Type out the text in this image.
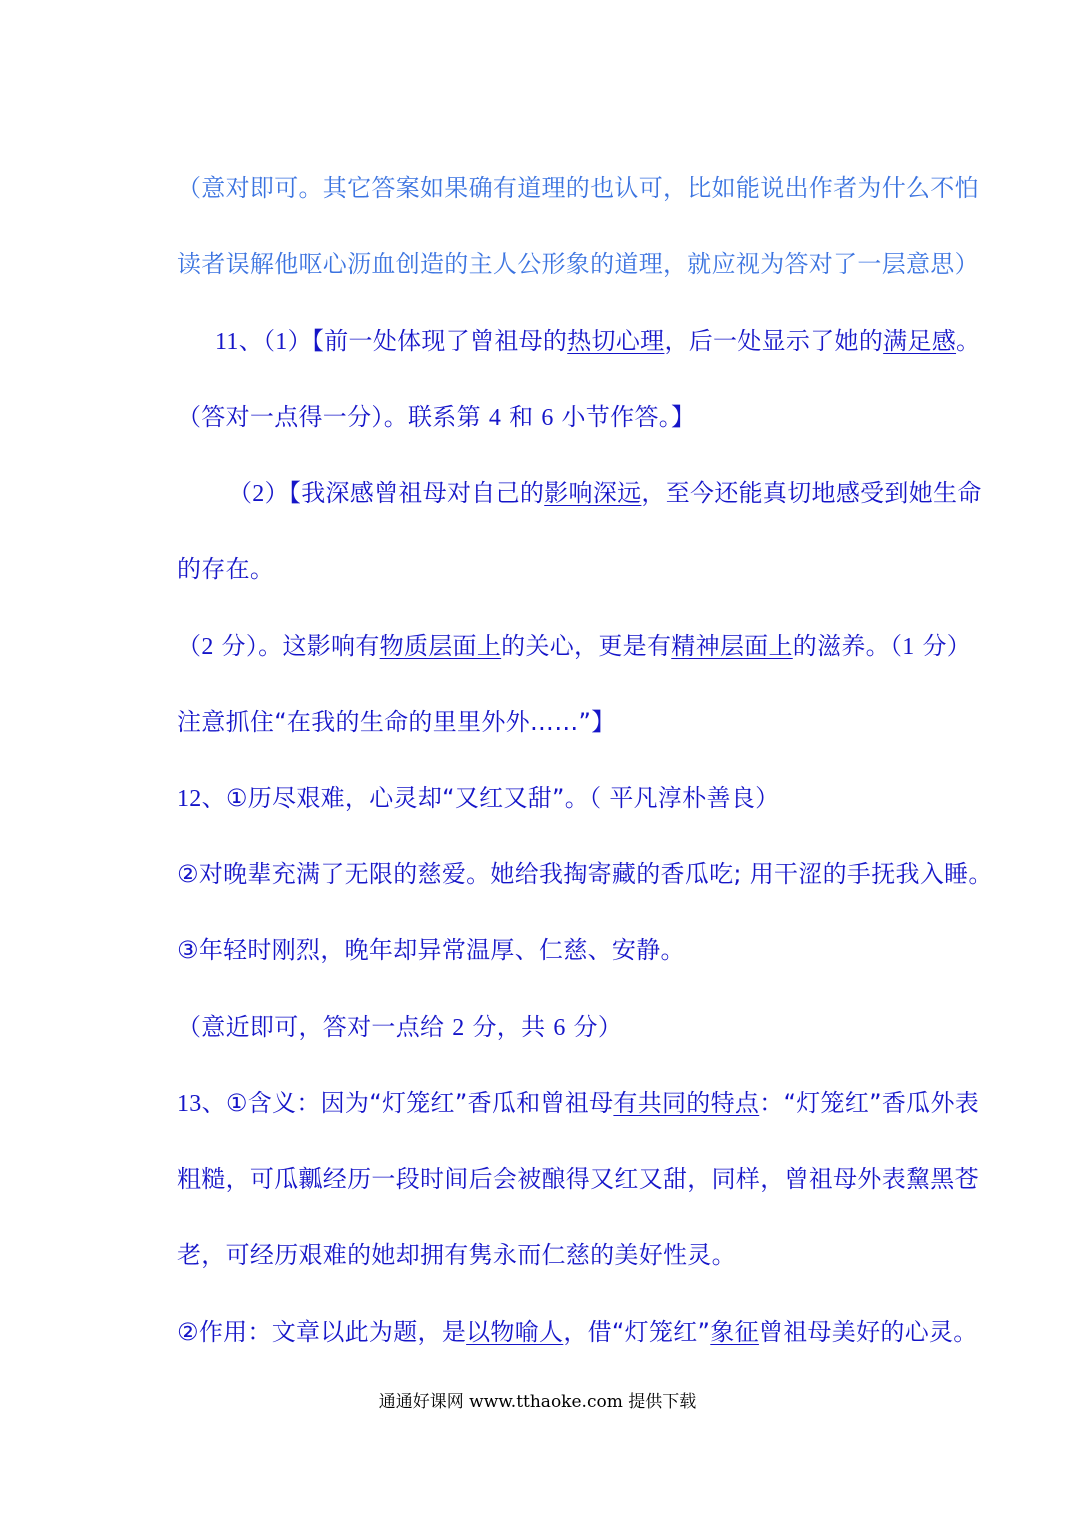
（意对即可。其它答案如果确有道理的也认可，比如能说出作者为什么不怕
读者误解他呕心沥血创造的主人公形象的道理，就应视为答对了一层意思）
11、（1）【前一处体现了曾祖母的热切心理，后一处显示了她的满足感。
（答对一点得一分）。联系第 4 和 6 小节作答。】
（2）【我深感曾祖母对自己的影响深远，至今还能真切地感受到她生命
的存在。
（2 分）。这影响有物质层面上的关心，更是有精神层面上的滋养。（1 分）
注意抓住“在我的生命的里里外外……”】
12、①历尽艰难，心灵却“又红又甜”。（ 平凡淳朴善良）
②对晚辈充满了无限的慈爱。她给我掏寄藏的香瓜吃; 用干涩的手抚我入睡。
③年轻时刚烈，晚年却异常温厚、仁慈、安静。
（意近即可，答对一点给 2 分，共 6 分）
13、①含义：因为“灯笼红”香瓜和曾祖母有共同的特点：“灯笼红”香瓜外表
粗糙，可瓜瓤经历一段时间后会被酿得又红又甜，同样，曾祖母外表黧黑苍
老，可经历艰难的她却拥有隽永而仁慈的美好性灵。
②作用：文章以此为题，是以物喻人，借“灯笼红”象征曾祖母美好的心灵。
通通好课网 www.tthaoke.com 提供下载
